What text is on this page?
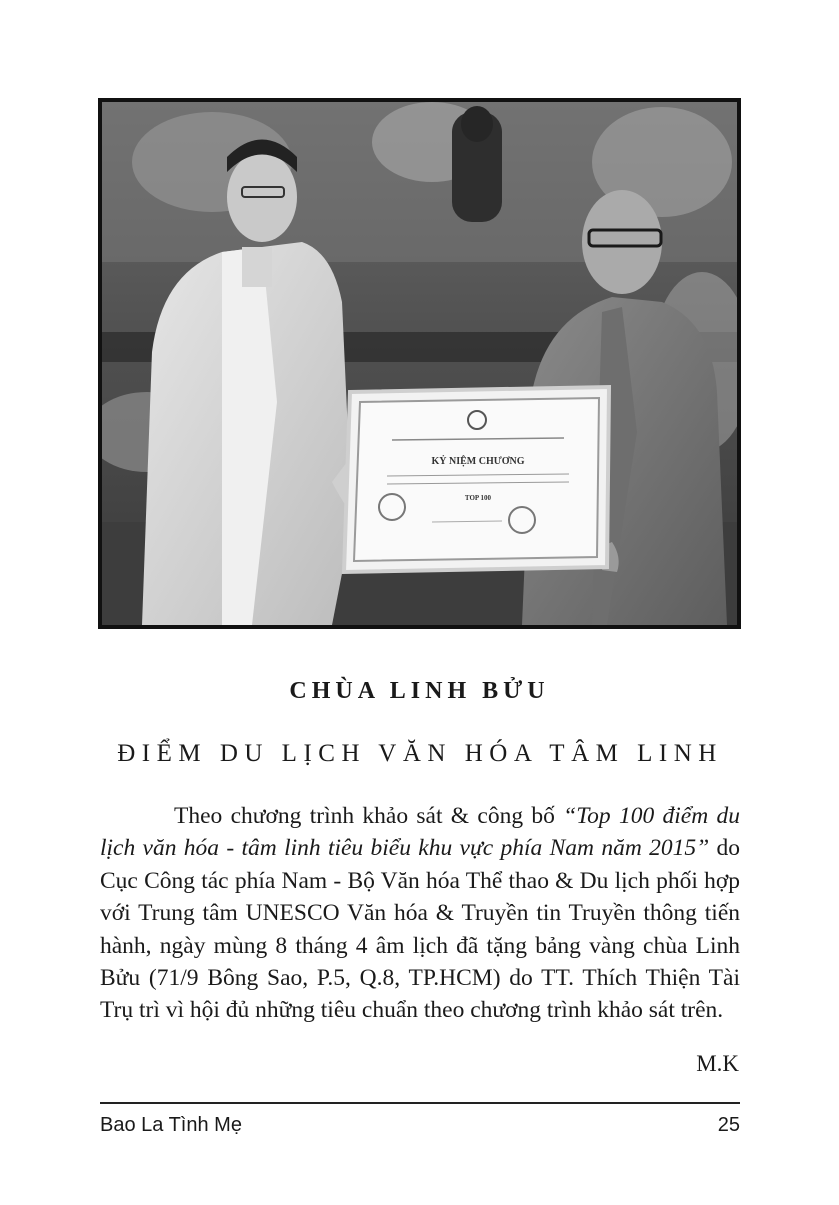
KỶ NIỆM CHƯƠNG
TOP 100
CHÙA LINH BỬU
ĐIỂM DU LỊCH VĂN HÓA TÂM LINH

Theo chương trình khảo sát & công bố “Top 100 điểm du lịch văn hóa - tâm linh tiêu biểu khu vực phía Nam năm 2015” do Cục Công tác phía Nam - Bộ Văn hóa Thể thao & Du lịch phối hợp với Trung tâm UNESCO Văn hóa & Truyền tin Truyền thông tiến hành, ngày mùng 8 tháng 4 âm lịch đã tặng bảng vàng chùa Linh Bửu (71/9 Bông Sao, P.5, Q.8, TP.HCM) do TT. Thích Thiện Tài Trụ trì vì hội đủ những tiêu chuẩn theo chương trình khảo sát trên.

M.K
Bao La Tình Mẹ	25
